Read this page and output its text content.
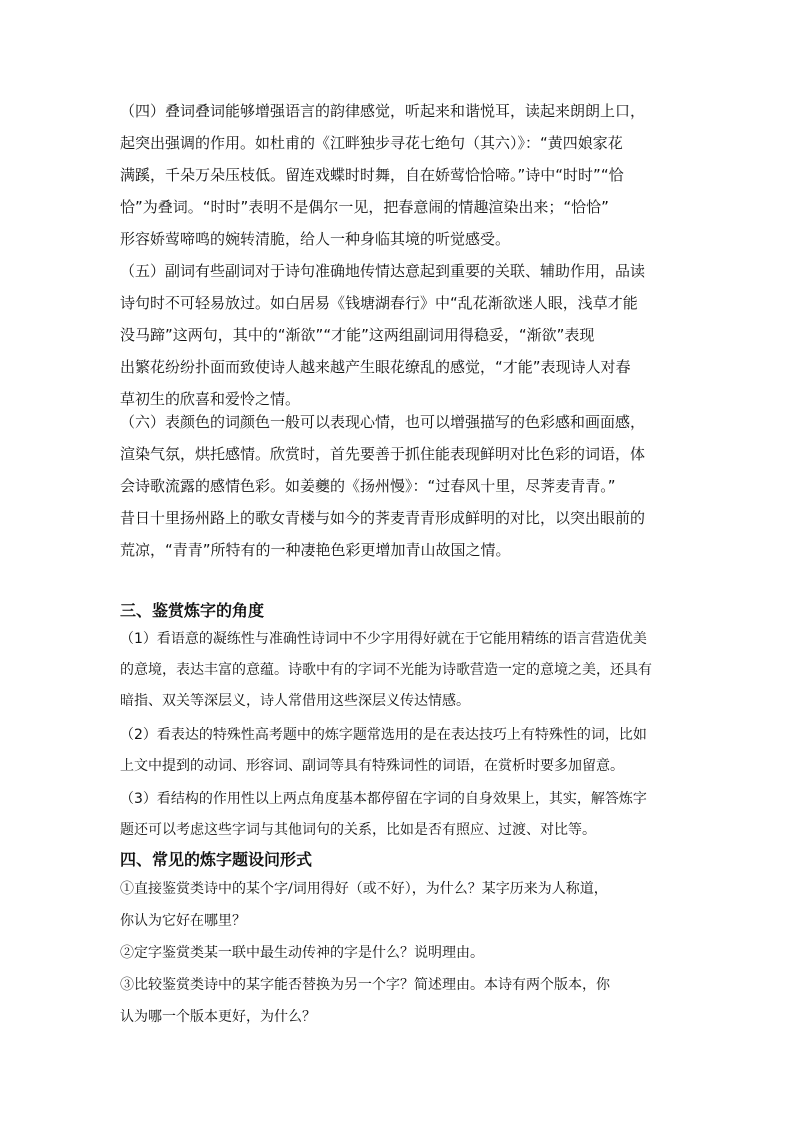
（四）叠词叠词能够增强语言的韵律感觉，听起来和谐悦耳，读起来朗朗上口，
起突出强调的作用。如杜甫的《江畔独步寻花七绝句（其六）》：“黄四娘家花
满蹊，千朵万朵压枝低。留连戏蝶时时舞，自在娇莺恰恰啼。”诗中“时时”“恰
恰”为叠词。“时时”表明不是偶尔一见，把春意闹的情趣渲染出来；“恰恰”
形容娇莺啼鸣的婉转清脆，给人一种身临其境的听觉感受。

（五）副词有些副词对于诗句准确地传情达意起到重要的关联、辅助作用，品读
诗句时不可轻易放过。如白居易《钱塘湖春行》中“乱花渐欲迷人眼，浅草才能
没马蹄”这两句，其中的“渐欲”“才能”这两组副词用得稳妥，“渐欲”表现
出繁花纷纷扑面而致使诗人越来越产生眼花缭乱的感觉，“才能”表现诗人对春
草初生的欣喜和爱怜之情。

（六）表颜色的词颜色一般可以表现心情，也可以增强描写的色彩感和画面感，
渲染气氛，烘托感情。欣赏时，首先要善于抓住能表现鲜明对比色彩的词语，体
会诗歌流露的感情色彩。如姜夔的《扬州慢》：“过春风十里，尽荠麦青青。”
昔日十里扬州路上的歌女青楼与如今的荠麦青青形成鲜明的对比，以突出眼前的
荒凉，“青青”所特有的一种凄艳色彩更增加青山故国之情。

三、鉴赏炼字的角度

（1）看语意的凝练性与准确性诗词中不少字用得好就在于它能用精练的语言营造优美
的意境，表达丰富的意蕴。诗歌中有的字词不光能为诗歌营造一定的意境之美，还具有
暗指、双关等深层义，诗人常借用这些深层义传达情感。

（2）看表达的特殊性高考题中的炼字题常选用的是在表达技巧上有特殊性的词，比如
上文中提到的动词、形容词、副词等具有特殊词性的词语，在赏析时要多加留意。

（3）看结构的作用性以上两点角度基本都停留在字词的自身效果上，其实，解答炼字
题还可以考虑这些字词与其他词句的关系，比如是否有照应、过渡、对比等。

四、常见的炼字题设问形式

①直接鉴赏类诗中的某个字/词用得好（或不好），为什么？某字历来为人称道，
你认为它好在哪里？

②定字鉴赏类某一联中最生动传神的字是什么？说明理由。

③比较鉴赏类诗中的某字能否替换为另一个字？简述理由。本诗有两个版本，你
认为哪一个版本更好，为什么？
